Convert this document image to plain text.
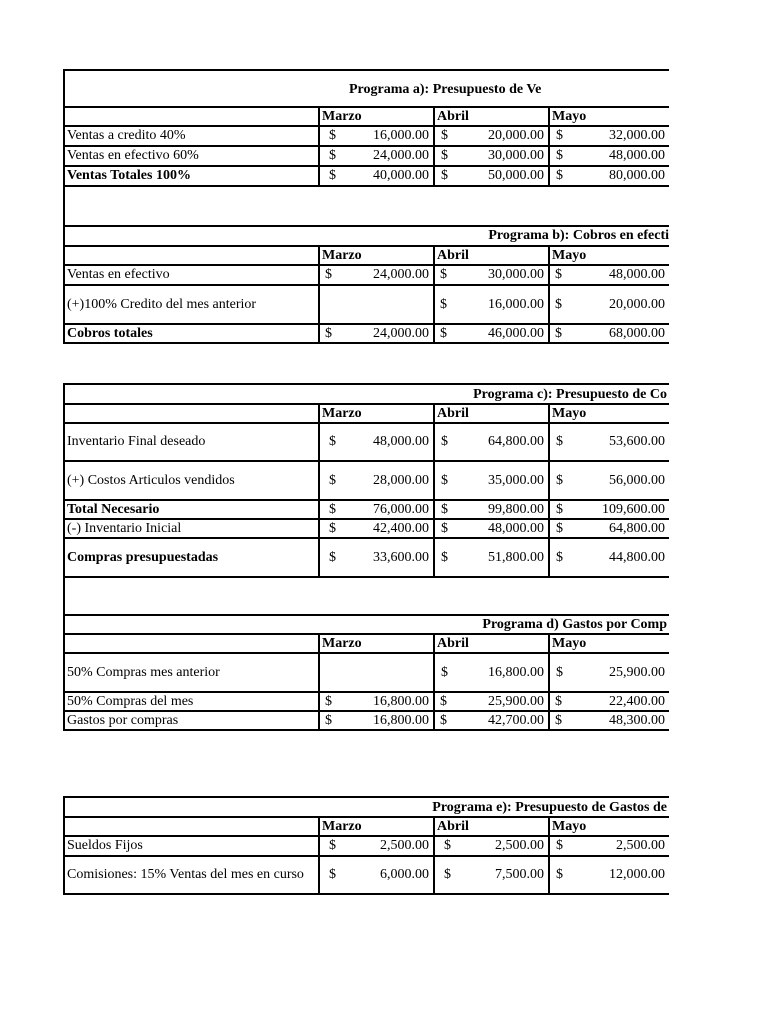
	Programa a): Presupuesto de Ve		
	Marzo	Abril	Mayo
Ventas a credito 40%	$ 16,000.00	$ 20,000.00	$ 32,000.00

Ventas en efectivo 60%	$ 24,000.00	$ 30,000.00	$ 48,000.00

Ventas Totales 100%	$ 40,000.00	$ 50,000.00	$ 80,000.00

	Programa b): Cobros en efecti		
	Marzo	Abril	Mayo
Ventas en efectivo	$ 24,000.00	$ 30,000.00	$ 48,000.00

(+)100% Credito del mes anterior		$ 16,000.00	$ 20,000.00

Cobros totales	$ 24,000.00	$ 46,000.00	$ 68,000.00
	Programa c): Presupuesto de Co		
	Marzo	Abril	Mayo
Inventario Final deseado	$ 48,000.00	$ 64,800.00	$ 53,600.00

(+) Costos Articulos vendidos	$ 28,000.00	$ 35,000.00	$ 56,000.00

Total Necesario	$ 76,000.00	$ 99,800.00	$ 109,600.00

(-) Inventario Inicial	$ 42,400.00	$ 48,000.00	$ 64,800.00

Compras presupuestadas	$ 33,600.00	$ 51,800.00	$ 44,800.00

	Programa d) Gastos por Comp		
	Marzo	Abril	Mayo
50% Compras mes anterior		$ 16,800.00	$ 25,900.00

50% Compras del mes	$ 16,800.00	$ 25,900.00	$ 22,400.00

Gastos por compras	$ 16,800.00	$ 42,700.00	$ 48,300.00
	Programa e): Presupuesto de Gastos de		
	Marzo	Abril	Mayo
Sueldos Fijos	$ 2,500.00	$ 2,500.00	$ 2,500.00

Comisiones: 15% Ventas del mes en curso	$ 6,000.00	$ 7,500.00	$ 12,000.00
